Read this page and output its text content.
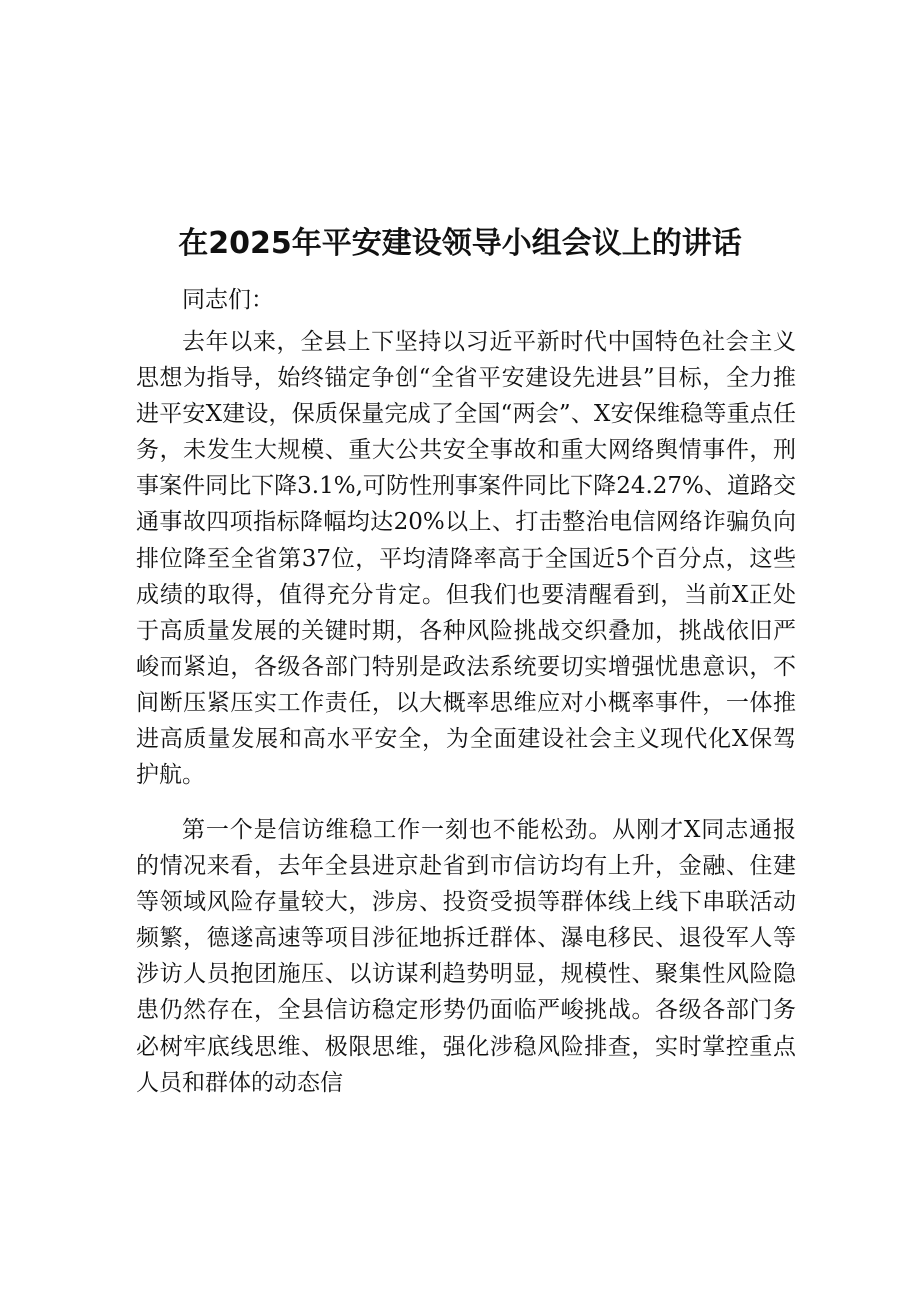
在2025年平安建设领导小组会议上的讲话

同志们：

去年以来，全县上下坚持以习近平新时代中国特色社会主义思想为指导，始终锚定争创“全省平安建设先进县”目标，全力推进平安X建设，保质保量完成了全国“两会”、X安保维稳等重点任务，未发生大规模、重大公共安全事故和重大网络舆情事件，刑事案件同比下降3.1%,可防性刑事案件同比下降24.27%、道路交通事故四项指标降幅均达20%以上、打击整治电信网络诈骗负向排位降至全省第37位，平均清降率高于全国近5个百分点，这些成绩的取得，值得充分肯定。但我们也要清醒看到，当前X正处于高质量发展的关键时期，各种风险挑战交织叠加，挑战依旧严峻而紧迫，各级各部门特别是政法系统要切实增强忧患意识，不间断压紧压实工作责任，以大概率思维应对小概率事件，一体推进高质量发展和高水平安全，为全面建设社会主义现代化X保驾护航。

第一个是信访维稳工作一刻也不能松劲。从刚才X同志通报的情况来看，去年全县进京赴省到市信访均有上升，金融、住建等领域风险存量较大，涉房、投资受损等群体线上线下串联活动频繁，德遂高速等项目涉征地拆迁群体、瀑电移民、退役军人等涉访人员抱团施压、以访谋利趋势明显，规模性、聚集性风险隐患仍然存在，全县信访稳定形势仍面临严峻挑战。各级各部门务必树牢底线思维、极限思维，强化涉稳风险排查，实时掌控重点人员和群体的动态信
